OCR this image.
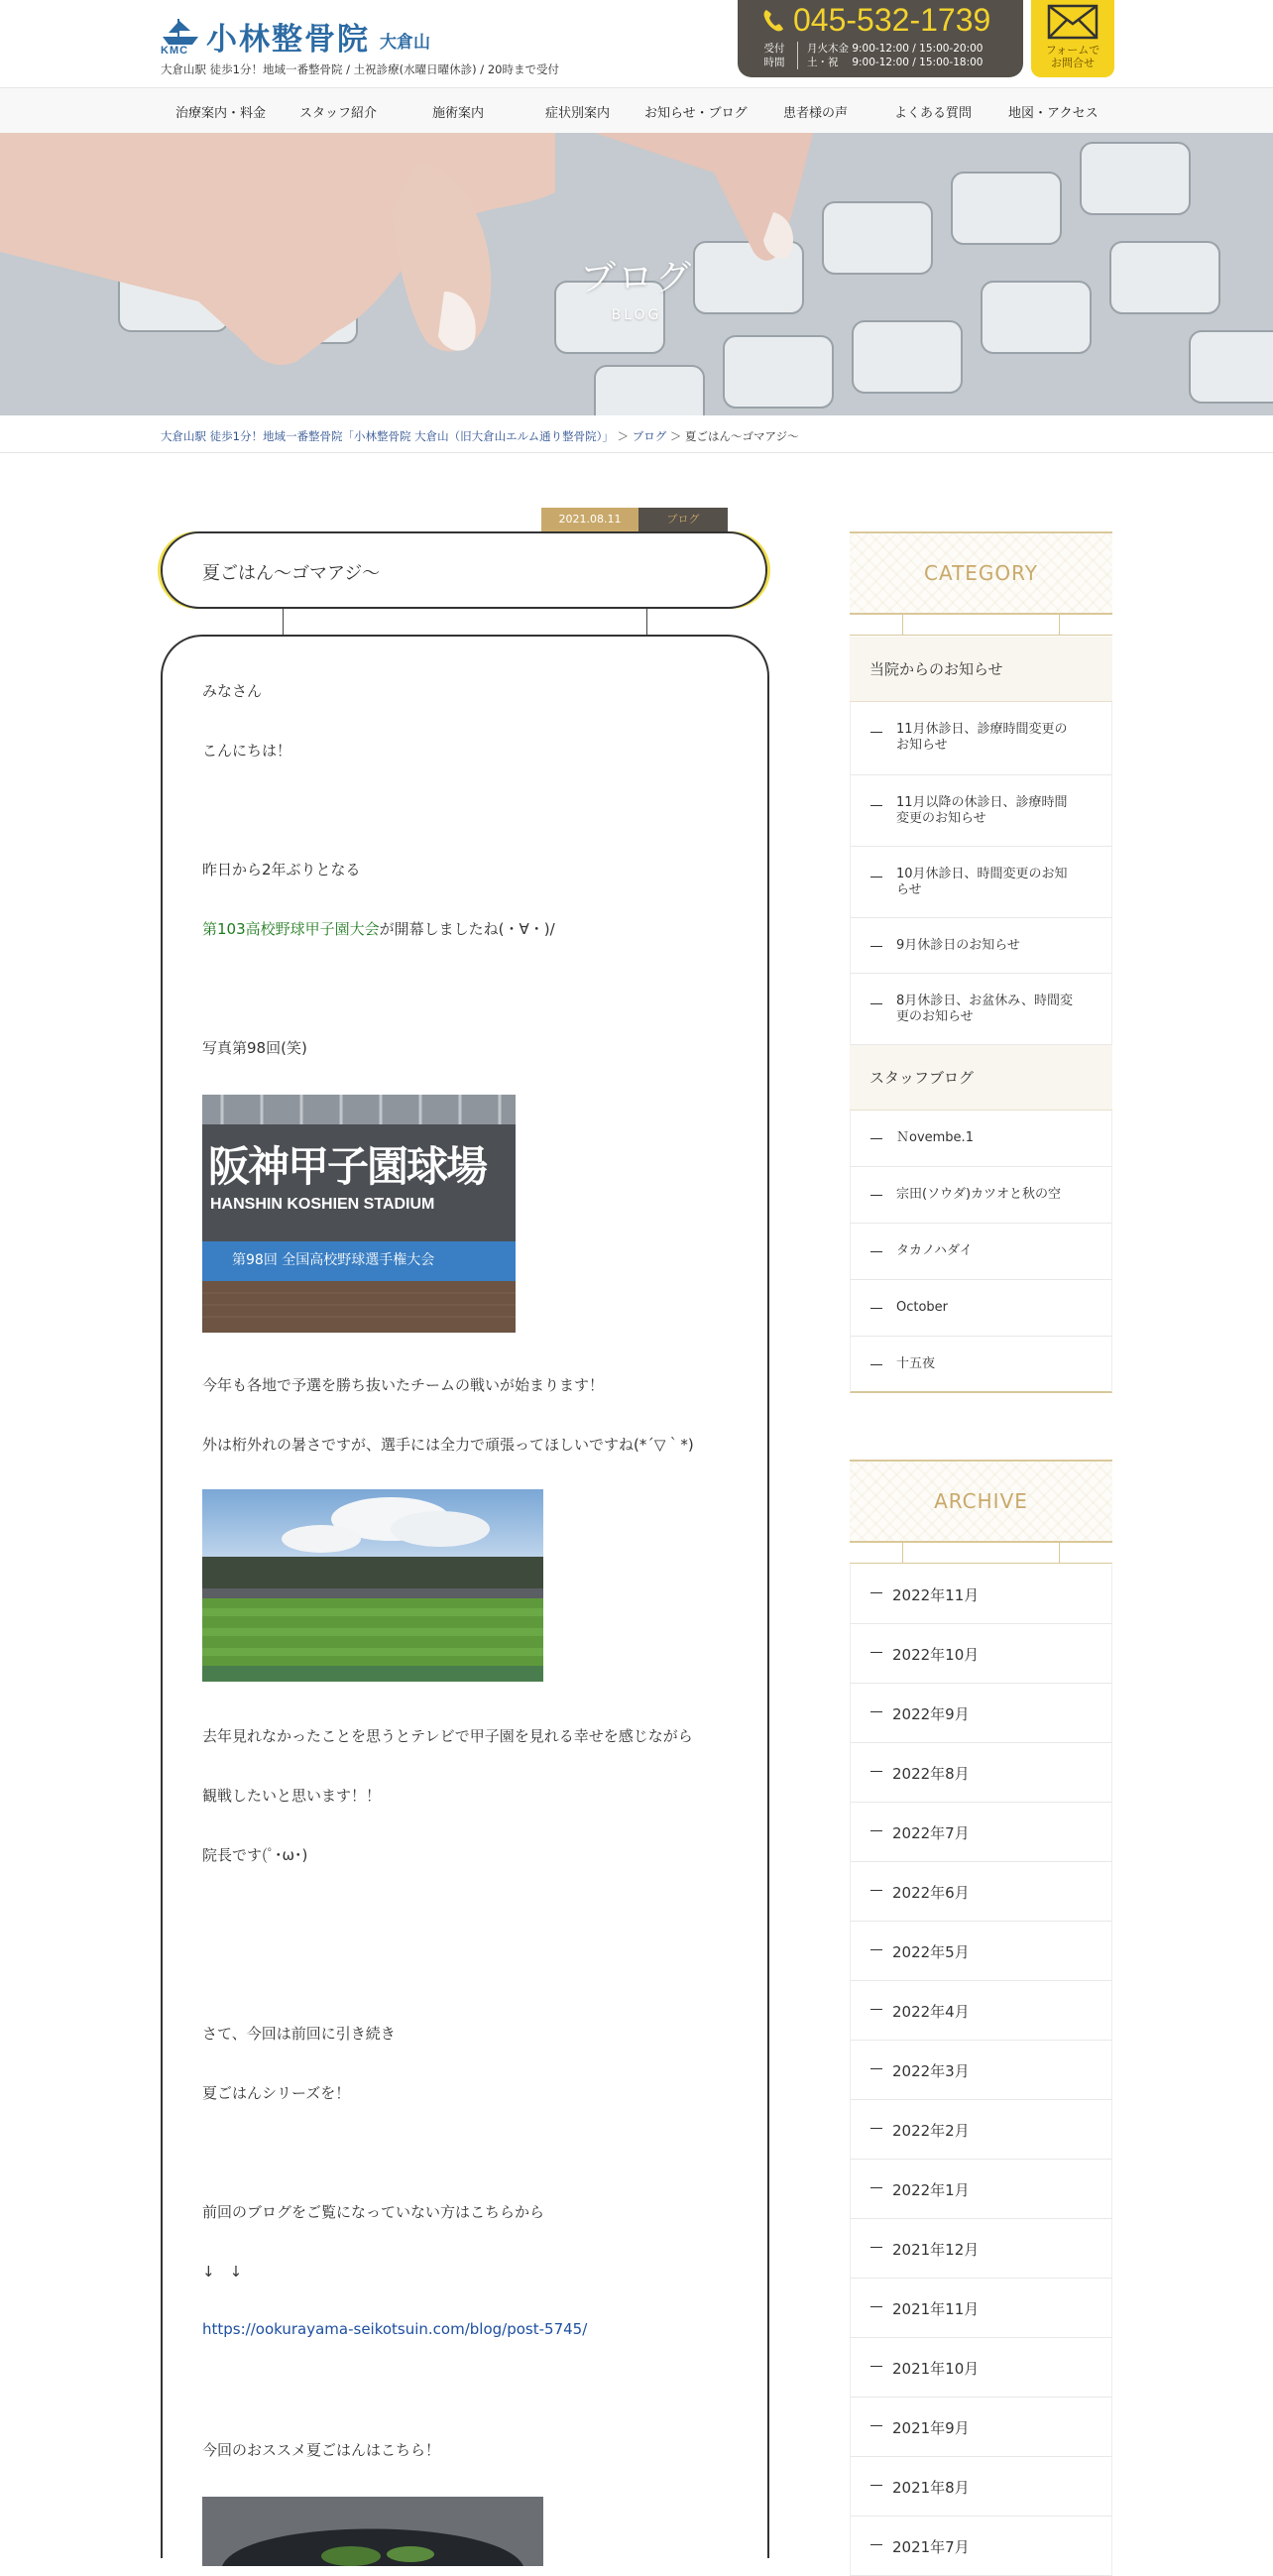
KMC 小林整骨院 大倉山
大倉山駅 徒歩1分！地域一番整骨院 / 土祝診療(水曜日曜休診) / 20時まで受付
045-532-1739
受付
時間
月火木金 9:00-12:00 / 15:00-20:00
土・祝　 9:00-12:00 / 15:00-18:00
フォームで
お問合せ
治療案内・料金	スタッフ紹介	施術案内	症状別案内	お知らせ・ブログ	患者様の声	よくある質問	地図・アクセス
ブログ
BLOG
大倉山駅 徒歩1分！地域一番整骨院「小林整骨院 大倉山（旧大倉山エルム通り整骨院）」 ＞ ブログ ＞ 夏ごはん～ゴマアジ～
2021.08.11	ブログ
夏ごはん～ゴマアジ～
みなさん
こんにちは！
昨日から2年ぶりとなる
第103高校野球甲子園大会が開幕しましたね(・∀・)/
写真第98回(笑)
阪神甲子園球場
HANSHIN KOSHIEN STADIUM
第98回 全国高校野球選手権大会
今年も各地で予選を勝ち抜いたチームの戦いが始まります！
外は桁外れの暑さですが、選手には全力で頑張ってほしいですね(*´▽｀*)
去年見れなかったことを思うとテレビで甲子園を見れる幸せを感じながら
観戦したいと思います！！
院長です(ﾟ･ω･)
さて、今回は前回に引き続き
夏ごはんシリーズを！
前回のブログをご覧になっていない方はこちらから
↓　↓
https://ookurayama-seikotsuin.com/blog/post-5745/
今回のおススメ夏ごはんはこちら！
CATEGORY
当院からのお知らせ
11月休診日、診療時間変更の
お知らせ
11月以降の休診日、診療時間
変更のお知らせ
10月休診日、時間変更のお知
らせ
9月休診日のお知らせ
8月休診日、お盆休み、時間変
更のお知らせ
スタッフブログ
Ｎovembe.1
宗田(ソウダ)カツオと秋の空
タカノハダイ
October
十五夜
ARCHIVE
2022年11月
2022年10月
2022年9月
2022年8月
2022年7月
2022年6月
2022年5月
2022年4月
2022年3月
2022年2月
2022年1月
2021年12月
2021年11月
2021年10月
2021年9月
2021年8月
2021年7月
